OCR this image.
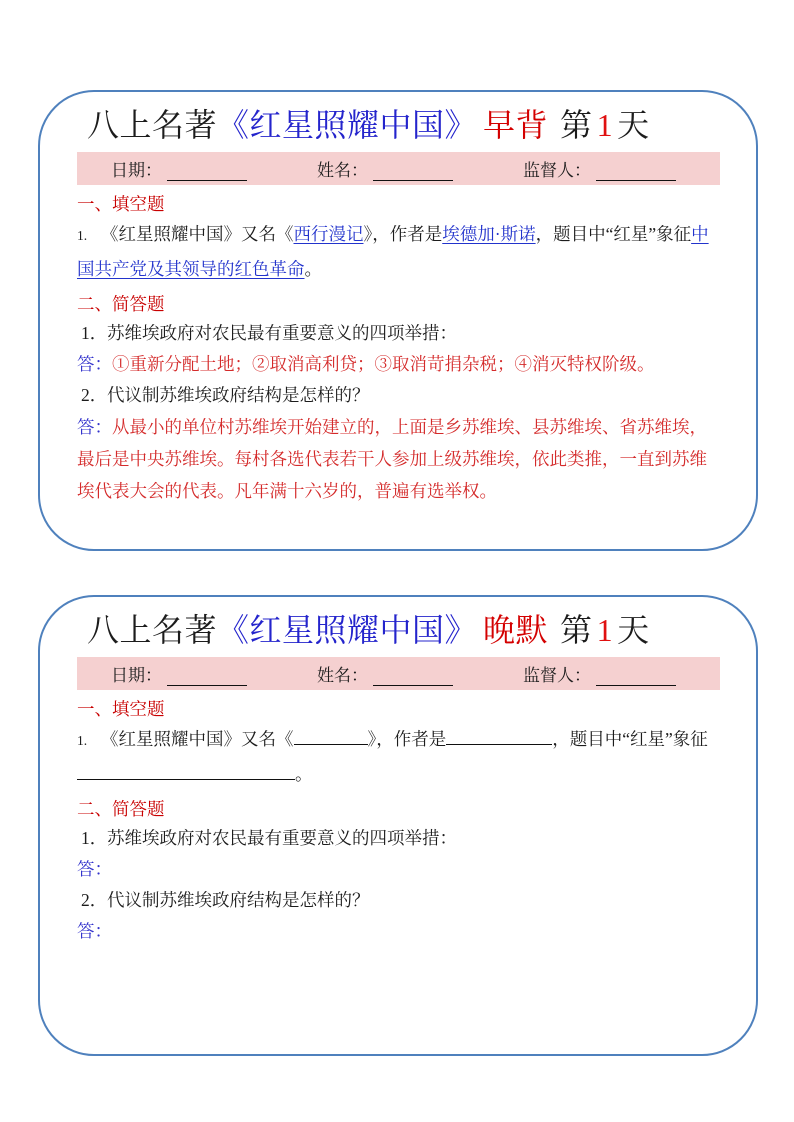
八上名著《红星照耀中国》 早背 第 1 天
日期：	姓名：	监督人：
一、填空题
1. 《红星照耀中国》又名《西行漫记》，作者是埃德加·斯诺，题目中“红星”象征中国共产党及其领导的红色革命。
二、简答题
1．苏维埃政府对农民最有重要意义的四项举措：
答：①重新分配土地；②取消高利贷；③取消苛捐杂税；④消灭特权阶级。
2．代议制苏维埃政府结构是怎样的？
答：从最小的单位村苏维埃开始建立的，上面是乡苏维埃、县苏维埃、省苏维埃，最后是中央苏维埃。每村各选代表若干人参加上级苏维埃，依此类推，一直到苏维埃代表大会的代表。凡年满十六岁的，普遍有选举权。
八上名著《红星照耀中国》 晚默 第 1 天
日期：	姓名：	监督人：
一、填空题
1. 《红星照耀中国》又名《	》，作者是	，题目中“红星”象征。
二、简答题
1．苏维埃政府对农民最有重要意义的四项举措：
答：
2．代议制苏维埃政府结构是怎样的？
答：
